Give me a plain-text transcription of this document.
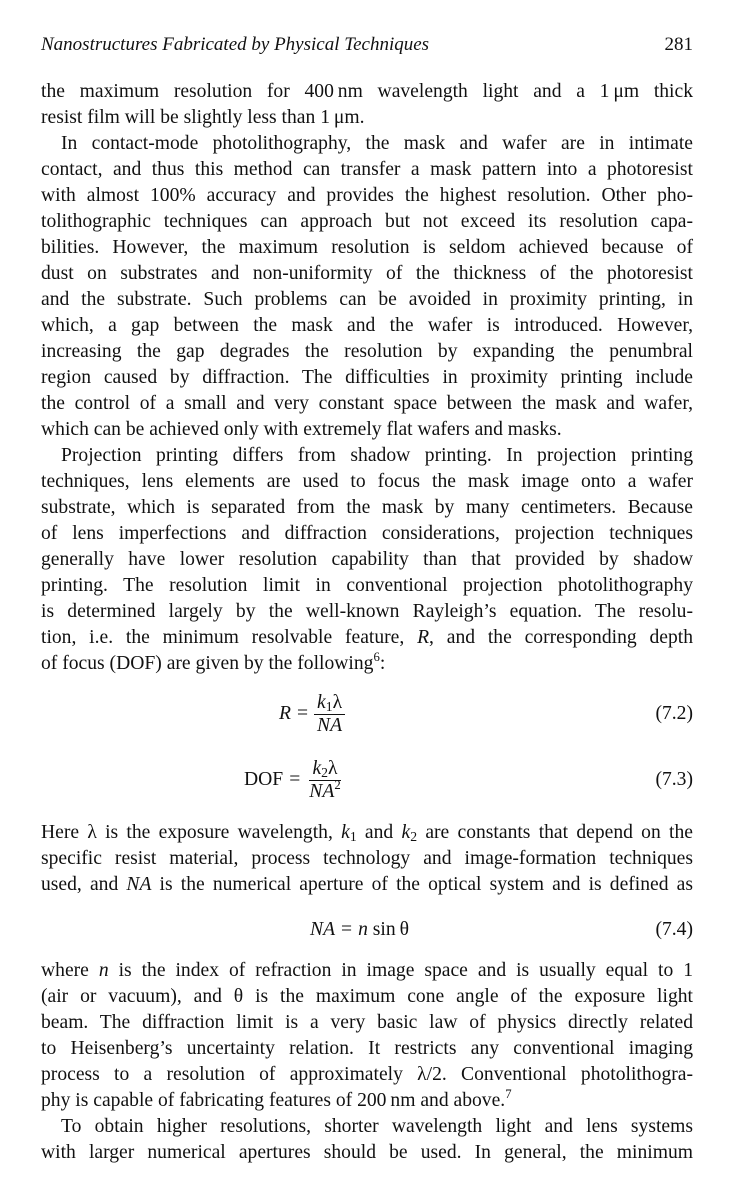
Nanostructures Fabricated by Physical Techniques	281
the maximum resolution for 400 nm wavelength light and a 1 μm thick
resist film will be slightly less than 1 μm.
In contact-mode photolithography, the mask and wafer are in intimate
contact, and thus this method can transfer a mask pattern into a photoresist
with almost 100% accuracy and provides the highest resolution. Other pho-
tolithographic techniques can approach but not exceed its resolution capa-
bilities. However, the maximum resolution is seldom achieved because of
dust on substrates and non-uniformity of the thickness of the photoresist
and the substrate. Such problems can be avoided in proximity printing, in
which, a gap between the mask and the wafer is introduced. However,
increasing the gap degrades the resolution by expanding the penumbral
region caused by diffraction. The difficulties in proximity printing include
the control of a small and very constant space between the mask and wafer,
which can be achieved only with extremely flat wafers and masks.
Projection printing differs from shadow printing. In projection printing
techniques, lens elements are used to focus the mask image onto a wafer
substrate, which is separated from the mask by many centimeters. Because
of lens imperfections and diffraction considerations, projection techniques
generally have lower resolution capability than that provided by shadow
printing. The resolution limit in conventional projection photolithography
is determined largely by the well-known Rayleigh’s equation. The resolu-
tion, i.e. the minimum resolvable feature, R, and the corresponding depth
of focus (DOF) are given by the following$^6$:
$R = \frac{k_1\lambda}{NA}$	(7.2)
DOF = $\frac{k_2\lambda}{NA^2}$	(7.3)
Here λ is the exposure wavelength, $k_1$ and $k_2$ are constants that depend on the
specific resist material, process technology and image-formation techniques
used, and NA is the numerical aperture of the optical system and is defined as
NA = n sin θ	(7.4)
where n is the index of refraction in image space and is usually equal to 1
(air or vacuum), and θ is the maximum cone angle of the exposure light
beam. The diffraction limit is a very basic law of physics directly related
to Heisenberg’s uncertainty relation. It restricts any conventional imaging
process to a resolution of approximately λ/2. Conventional photolithogra-
phy is capable of fabricating features of 200 nm and above.$^7$
To obtain higher resolutions, shorter wavelength light and lens systems
with larger numerical apertures should be used. In general, the minimum
